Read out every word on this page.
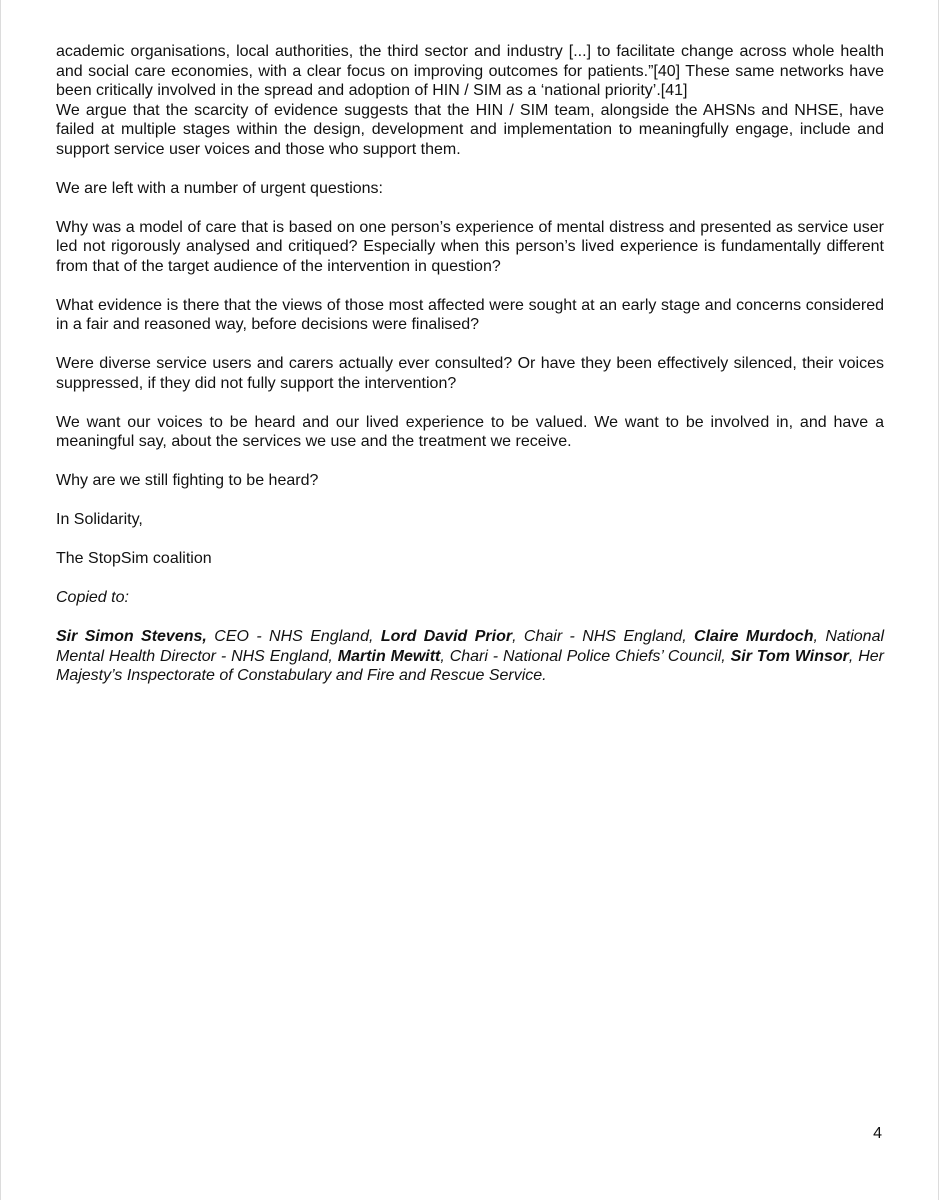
academic organisations, local authorities, the third sector and industry [...] to facilitate change across whole health and social care economies, with a clear focus on improving outcomes for patients.”[40] These same networks have been critically involved in the spread and adoption of HIN / SIM as a ‘national priority’.[41]

We argue that the scarcity of evidence suggests that the HIN / SIM team, alongside the AHSNs and NHSE, have failed at multiple stages within the design, development and implementation to meaningfully engage, include and support service user voices and those who support them.

We are left with a number of urgent questions:

Why was a model of care that is based on one person’s experience of mental distress and presented as service user led not rigorously analysed and critiqued? Especially when this person’s lived experience is fundamentally different from that of the target audience of the intervention in question?

What evidence is there that the views of those most affected were sought at an early stage and concerns considered in a fair and reasoned way, before decisions were finalised?

Were diverse service users and carers actually ever consulted? Or have they been effectively silenced, their voices suppressed, if they did not fully support the intervention?

We want our voices to be heard and our lived experience to be valued. We want to be involved in, and have a meaningful say, about the services we use and the treatment we receive.

Why are we still fighting to be heard?

In Solidarity,

The StopSim coalition

Copied to:

Sir Simon Stevens, CEO - NHS England, Lord David Prior, Chair - NHS England, Claire Murdoch, National Mental Health Director - NHS England, Martin Mewitt, Chari - National Police Chiefs’ Council, Sir Tom Winsor, Her Majesty’s Inspectorate of Constabulary and Fire and Rescue Service.

4
